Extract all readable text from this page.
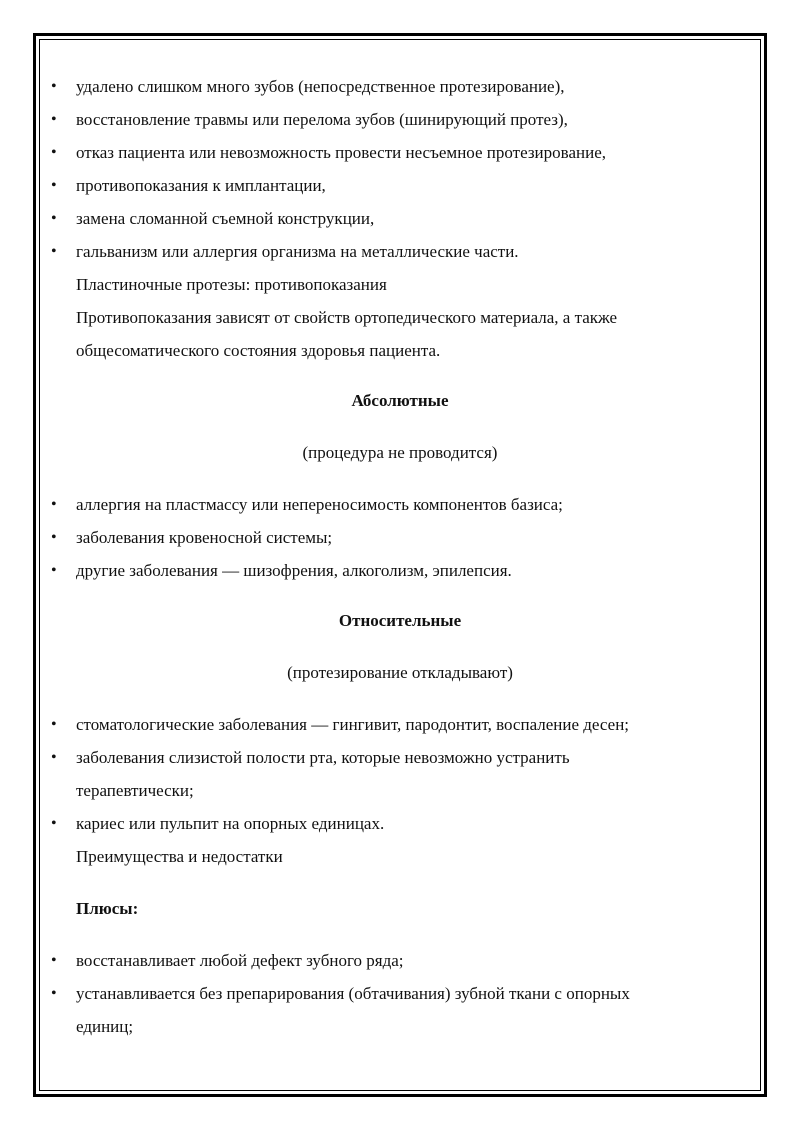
• удалено слишком много зубов (непосредственное протезирование),
• восстановление травмы или перелома зубов (шинирующий протез),
• отказ пациента или невозможность провести несъемное протезирование,
• противопоказания к имплантации,
• замена сломанной съемной конструкции,
• гальванизм или аллергия организма на металлические части.

Пластиночные протезы: противопоказания

Противопоказания зависят от свойств ортопедического материала, а также

общесоматического состояния здоровья пациента.

Абсолютные

(процедура не проводится)

• аллергия на пластмассу или непереносимость компонентов базиса;
• заболевания кровеносной системы;
• другие заболевания — шизофрения, алкоголизм, эпилепсия.

Относительные

(протезирование откладывают)

• стоматологические заболевания — гингивит, пародонтит, воспаление десен;
• заболевания слизистой полости рта, которые невозможно устранить
терапевтически;
• кариес или пульпит на опорных единицах.

Преимущества и недостатки

Плюсы:

• восстанавливает любой дефект зубного ряда;
• устанавливается без препарирования (обтачивания) зубной ткани с опорных
единиц;
